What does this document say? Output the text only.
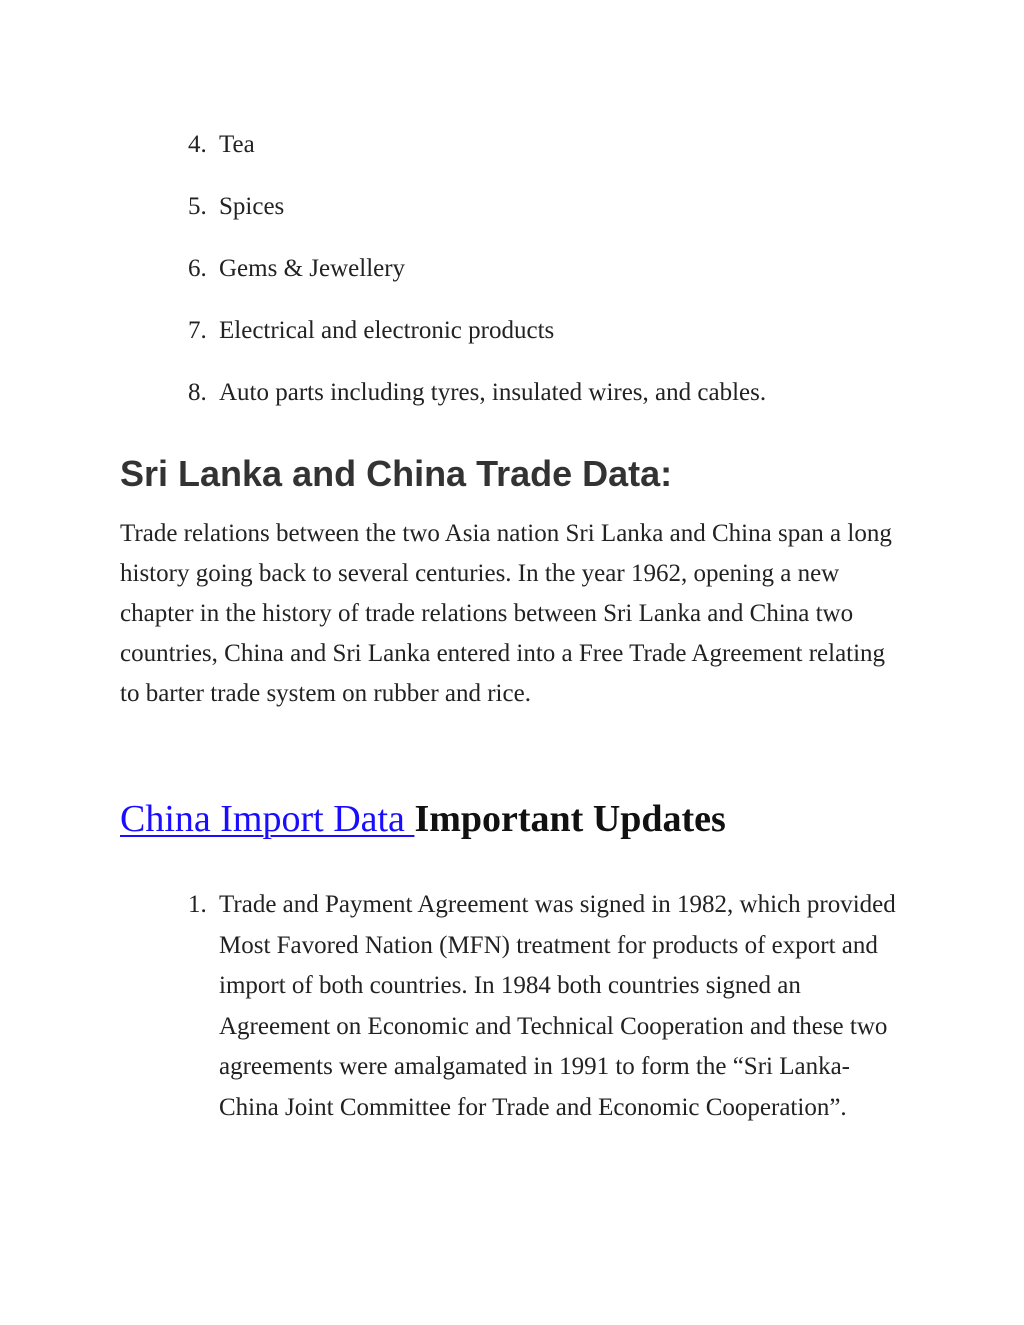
4. Tea
5. Spices
6. Gems & Jewellery
7. Electrical and electronic products
8. Auto parts including tyres, insulated wires, and cables.
Sri Lanka and China Trade Data:

Trade relations between the two Asia nation Sri Lanka and China span a long history going back to several centuries. In the year 1962, opening a new chapter in the history of trade relations between Sri Lanka and China two countries, China and Sri Lanka entered into a Free Trade Agreement relating to barter trade system on rubber and rice.

China Import Data Important Updates
1. Trade and Payment Agreement was signed in 1982, which provided Most Favored Nation (MFN) treatment for products of export and import of both countries. In 1984 both countries signed an Agreement on Economic and Technical Cooperation and these two agreements were amalgamated in 1991 to form the “Sri Lanka-China Joint Committee for Trade and Economic Cooperation”.
